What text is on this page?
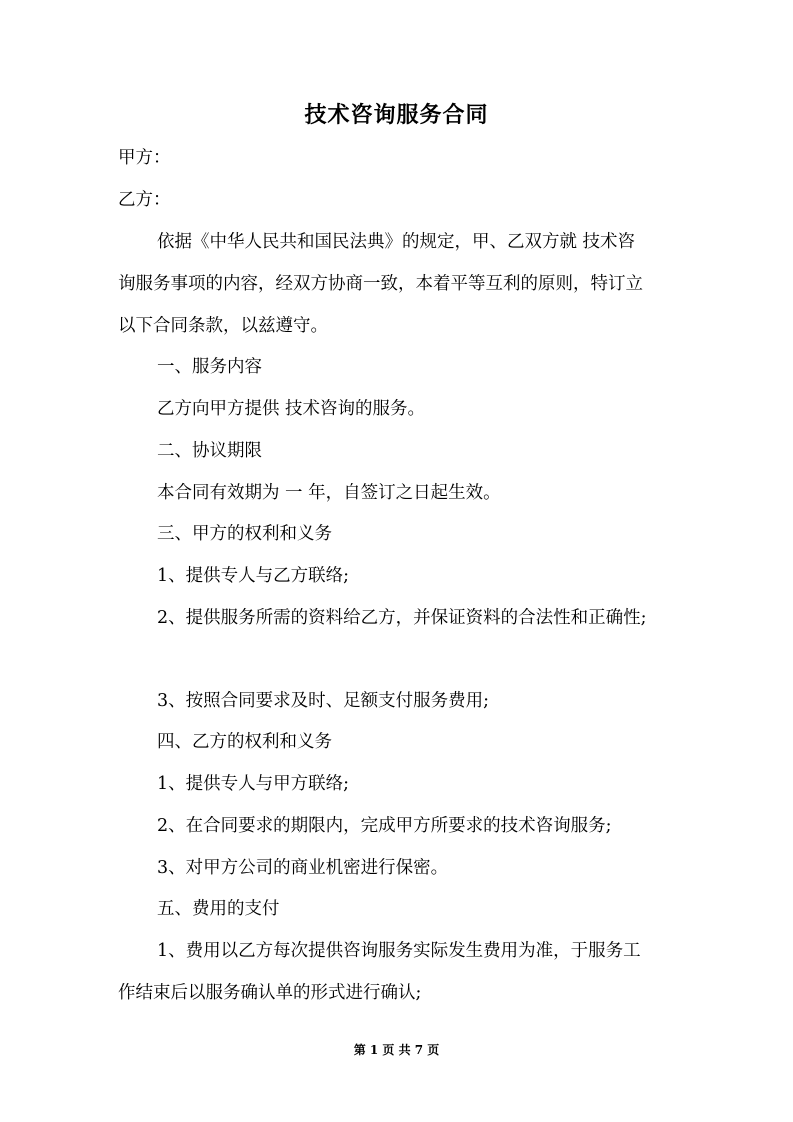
技术咨询服务合同
甲方：
乙方：
依据《中华人民共和国民法典》的规定，甲、乙双方就 技术咨
询服务事项的内容，经双方协商一致，本着平等互利的原则，特订立
以下合同条款，以兹遵守。
一、服务内容
乙方向甲方提供 技术咨询的服务。
二、协议期限
本合同有效期为 一 年，自签订之日起生效。
三、甲方的权利和义务
1、提供专人与乙方联络;
2、提供服务所需的资料给乙方，并保证资料的合法性和正确性;
3、按照合同要求及时、足额支付服务费用;
四、乙方的权利和义务
1、提供专人与甲方联络;
2、在合同要求的期限内，完成甲方所要求的技术咨询服务;
3、对甲方公司的商业机密进行保密。
五、费用的支付
1、费用以乙方每次提供咨询服务实际发生费用为准，于服务工
作结束后以服务确认单的形式进行确认;
第 1 页 共 7 页
